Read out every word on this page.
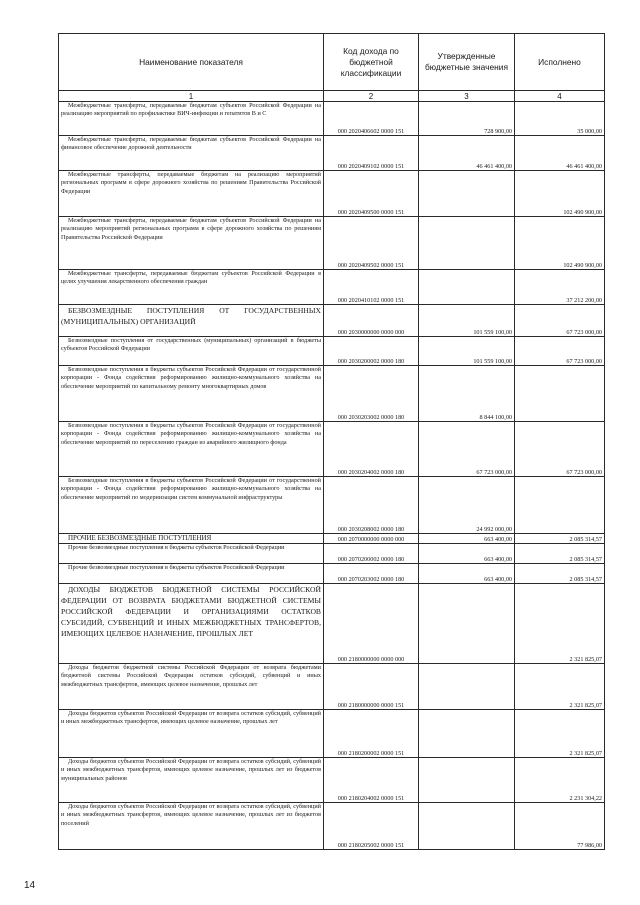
Наименование показателя	Код дохода по бюджетной классификации	Утвержденные бюджетные значения	Исполнено
1	2	3	4
Межбюджетные трансферты, передаваемые бюджетам субъектов Российской Федерации на реализацию мероприятий по профилактике ВИЧ-инфекции и гепатитов В и С	000 2020406602 0000 151	728 900,00	35 000,00
Межбюджетные трансферты, передаваемые бюджетам субъектов Российской Федерации на финансовое обеспечение дорожной деятельности	000 2020409102 0000 151	46 461 400,00	46 461 400,00
Межбюджетные трансферты, передаваемые бюджетам на реализацию мероприятий региональных программ в сфере дорожного хозяйства по решениям Правительства Российской Федерации	000 2020409500 0000 151		102 490 900,00
Межбюджетные трансферты, передаваемые бюджетам субъектов Российской Федерации на реализацию мероприятий региональных программ в сфере дорожного хозяйства по решениям Правительства Российской Федерации	000 2020409502 0000 151		102 490 900,00
Межбюджетные трансферты, передаваемые бюджетам субъектов Российской Федерации в целях улучшения лекарственного обеспечения граждан	000 2020410102 0000 151		37 212 200,00
БЕЗВОЗМЕЗДНЫЕ ПОСТУПЛЕНИЯ ОТ ГОСУДАРСТВЕННЫХ (МУНИЦИПАЛЬНЫХ) ОРГАНИЗАЦИЙ	000 2030000000 0000 000	101 559 100,00	67 723 000,00
Безвозмездные поступления от государственных (муниципальных) организаций в бюджеты субъектов Российской Федерации	000 2030200002 0000 180	101 559 100,00	67 723 000,00
Безвозмездные поступления в бюджеты субъектов Российской Федерации от государственной корпорации - Фонда содействия реформированию жилищно-коммунального хозяйства на обеспечение мероприятий по капитальному ремонту многоквартирных домов	000 2030203002 0000 180	8 844 100,00	
Безвозмездные поступления в бюджеты субъектов Российской Федерации от государственной корпорации - Фонда содействия реформированию жилищно-коммунального хозяйства на обеспечение мероприятий по переселению граждан из аварийного жилищного фонда	000 2030204002 0000 180	67 723 000,00	67 723 000,00
Безвозмездные поступления в бюджеты субъектов Российской Федерации от государственной корпорации - Фонда содействия реформированию жилищно-коммунального хозяйства на обеспечение мероприятий по модернизации систем коммунальной инфраструктуры	000 2030208002 0000 180	24 992 000,00	
ПРОЧИЕ БЕЗВОЗМЕЗДНЫЕ ПОСТУПЛЕНИЯ	000 2070000000 0000 000	663 400,00	2 085 314,57
Прочие безвозмездные поступления в бюджеты субъектов Российской Федерации	000 2070200002 0000 180	663 400,00	2 085 314,57
Прочие безвозмездные поступления в бюджеты субъектов Российской Федерации	000 2070203002 0000 180	663 400,00	2 085 314,57
ДОХОДЫ БЮДЖЕТОВ БЮДЖЕТНОЙ СИСТЕМЫ РОССИЙСКОЙ ФЕДЕРАЦИИ ОТ ВОЗВРАТА БЮДЖЕТАМИ БЮДЖЕТНОЙ СИСТЕМЫ РОССИЙСКОЙ ФЕДЕРАЦИИ И ОРГАНИЗАЦИЯМИ ОСТАТКОВ СУБСИДИЙ, СУБВЕНЦИЙ И ИНЫХ МЕЖБЮДЖЕТНЫХ ТРАНСФЕРТОВ, ИМЕЮЩИХ ЦЕЛЕВОЕ НАЗНАЧЕНИЕ, ПРОШЛЫХ ЛЕТ	000 2180000000 0000 000		2 321 825,07
Доходы бюджетов бюджетной системы Российской Федерации от возврата бюджетами бюджетной системы Российской Федерации остатков субсидий, субвенций и иных межбюджетных трансфертов, имеющих целевое назначение, прошлых лет	000 2180000000 0000 151		2 321 825,07
Доходы бюджетов субъектов Российской Федерации от возврата остатков субсидий, субвенций и иных межбюджетных трансфертов, имеющих целевое назначение, прошлых лет	000 2180200002 0000 151		2 321 825,07
Доходы бюджетов субъектов Российской Федерации от возврата остатков субсидий, субвенций и иных межбюджетных трансфертов, имеющих целевое назначение, прошлых лет из бюджетов муниципальных районов	000 2180204002 0000 151		2 231 304,22
Доходы бюджетов субъектов Российской Федерации от возврата остатков субсидий, субвенций и иных межбюджетных трансфертов, имеющих целевое назначение, прошлых лет из бюджетов поселений	000 2180205002 0000 151		77 986,00
14
